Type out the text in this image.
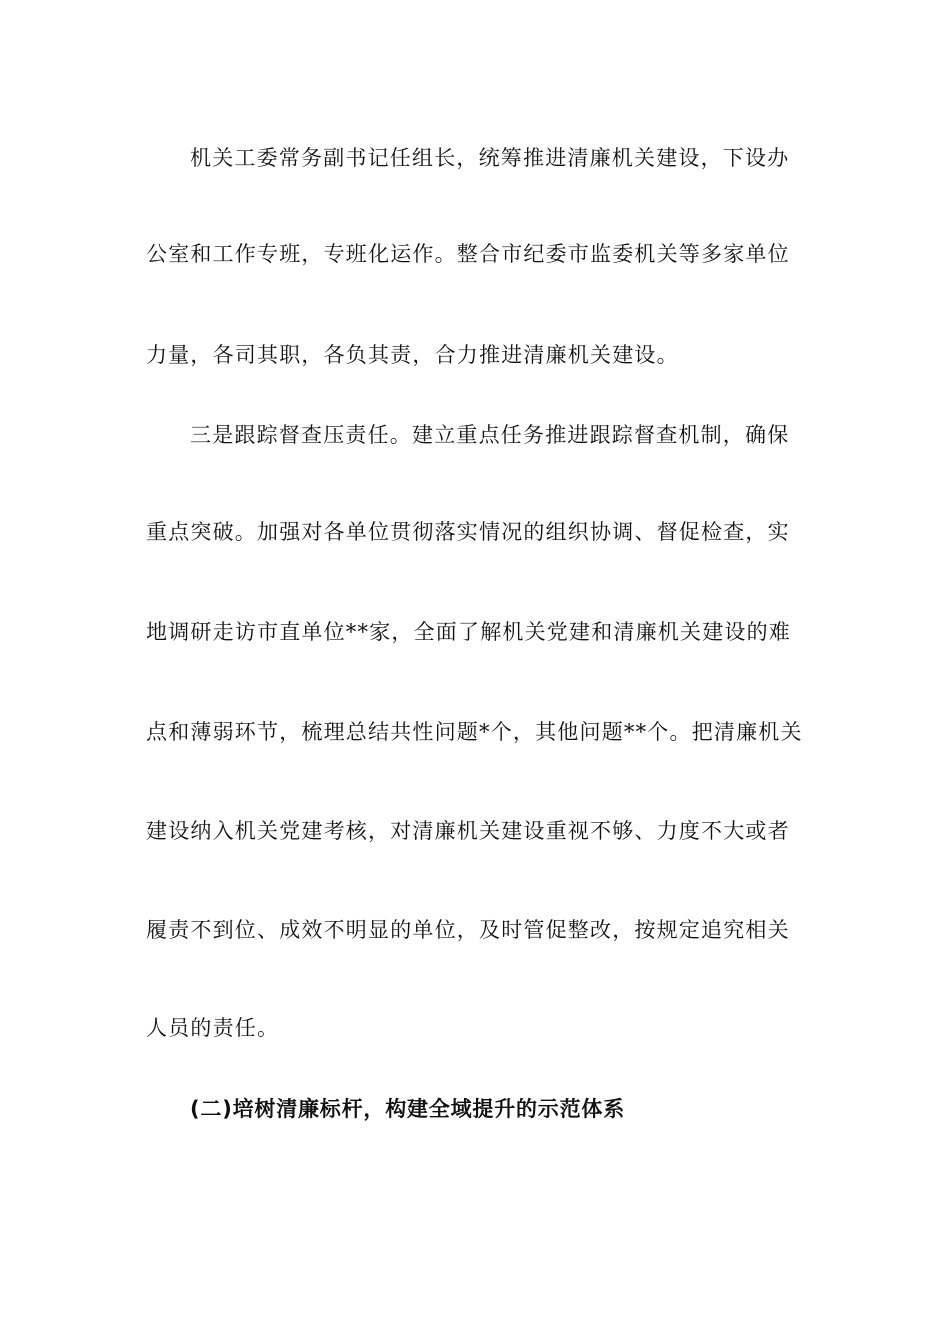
机关工委常务副书记任组长，统筹推进清廉机关建设，下设办
公室和工作专班，专班化运作。整合市纪委市监委机关等多家单位
力量，各司其职，各负其责，合力推进清廉机关建设。
三是跟踪督查压责任。建立重点任务推进跟踪督查机制，确保
重点突破。加强对各单位贯彻落实情况的组织协调、督促检查，实
地调研走访市直单位**家，全面了解机关党建和清廉机关建设的难
点和薄弱环节，梳理总结共性问题*个，其他问题**个。把清廉机关
建设纳入机关党建考核，对清廉机关建设重视不够、力度不大或者
履责不到位、成效不明显的单位，及时管促整改，按规定追究相关
人员的责任。
(二)培树清廉标杆，构建全域提升的示范体系
